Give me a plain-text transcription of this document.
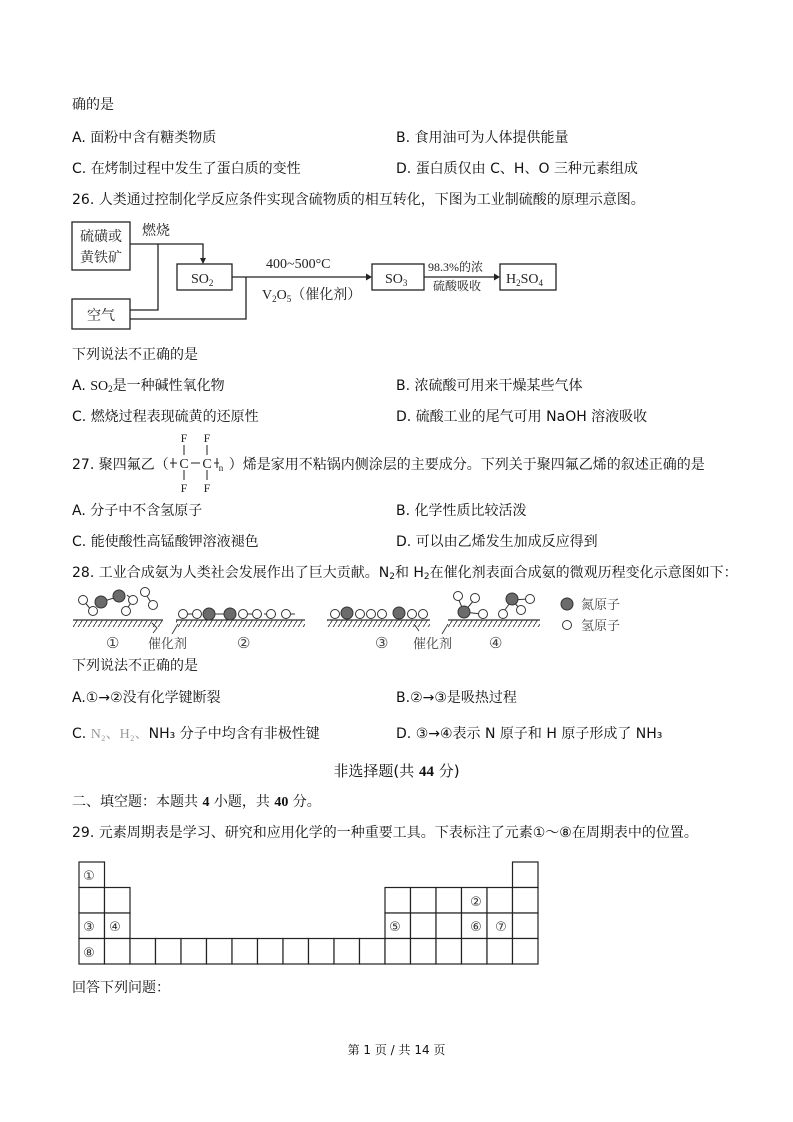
确的是
A. 面粉中含有糖类物质	B. 食用油可为人体提供能量
C. 在烤制过程中发生了蛋白质的变性	D. 蛋白质仅由 C、H、O 三种元素组成
26. 人类通过控制化学反应条件实现含硫物质的相互转化，下图为工业制硫酸的原理示意图。
硫磺或
黄铁矿
空气
燃烧
$SO_2$
400~500°C
$V_2O_5$（催化剂）
$SO_3$
98.3%的浓
硫酸吸收 $H_2SO_4$
下列说法不正确的是
A. $SO_2$是一种碱性氧化物	B. 浓硫酸可用来干燥某些气体
C. 燃烧过程表现硫黄的还原性	D. 硫酸工业的尾气可用 NaOH 溶液吸收
27. 聚四氟乙（	）烯是家用不粘锅内侧涂层的主要成分。下列关于聚四氟乙烯的叙述正确的是
F F
F F
C C n
A. 分子中不含氢原子	B. 化学性质比较活泼
C. 能使酸性高锰酸钾溶液褪色	D. 可以由乙烯发生加成反应得到
28. 工业合成氨为人类社会发展作出了巨大贡献。$N_2$和 $H_2$在催化剂表面合成氨的微观历程变化示意图如下：
氮原子
氢原子
①	②	③	④
催化剂	催化剂
下列说法不正确的是
A.①→②没有化学键断裂	B.②→③是吸热过程
C. N₂、H₂、NH₃ 分子中均含有非极性键	D. ③→④表示 N 原子和 H 原子形成了 NH₃
非选择题(共 44 分)
二、填空题：本题共 4 小题，共 40 分。
29. 元素周期表是学习、研究和应用化学的一种重要工具。下表标注了元素①～⑧在周期表中的位置。
①
②
③ ④	⑤	⑥ ⑦
⑧
回答下列问题：
第 1 页 / 共 14 页
